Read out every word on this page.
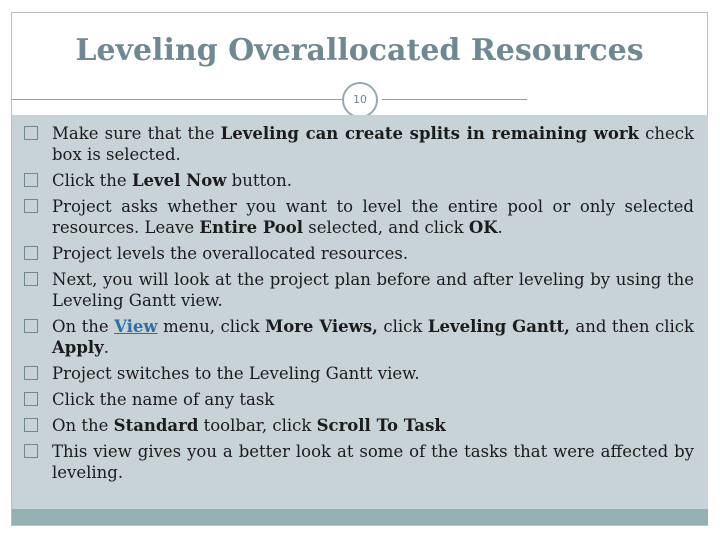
Leveling Overallocated Resources
10
Make sure that the Leveling can create splits in remaining work check box is selected.
Click the Level Now button.
Project asks whether you want to level the entire pool or only selected resources. Leave Entire Pool selected, and click OK.
Project levels the overallocated resources.
Next, you will look at the project plan before and after leveling by using the Leveling Gantt view.
On the View menu, click More Views, click Leveling Gantt, and then click Apply.
Project switches to the Leveling Gantt view.
Click the name of any task
On the Standard toolbar, click Scroll To Task
This view gives you a better look at some of the tasks that were affected by leveling.
